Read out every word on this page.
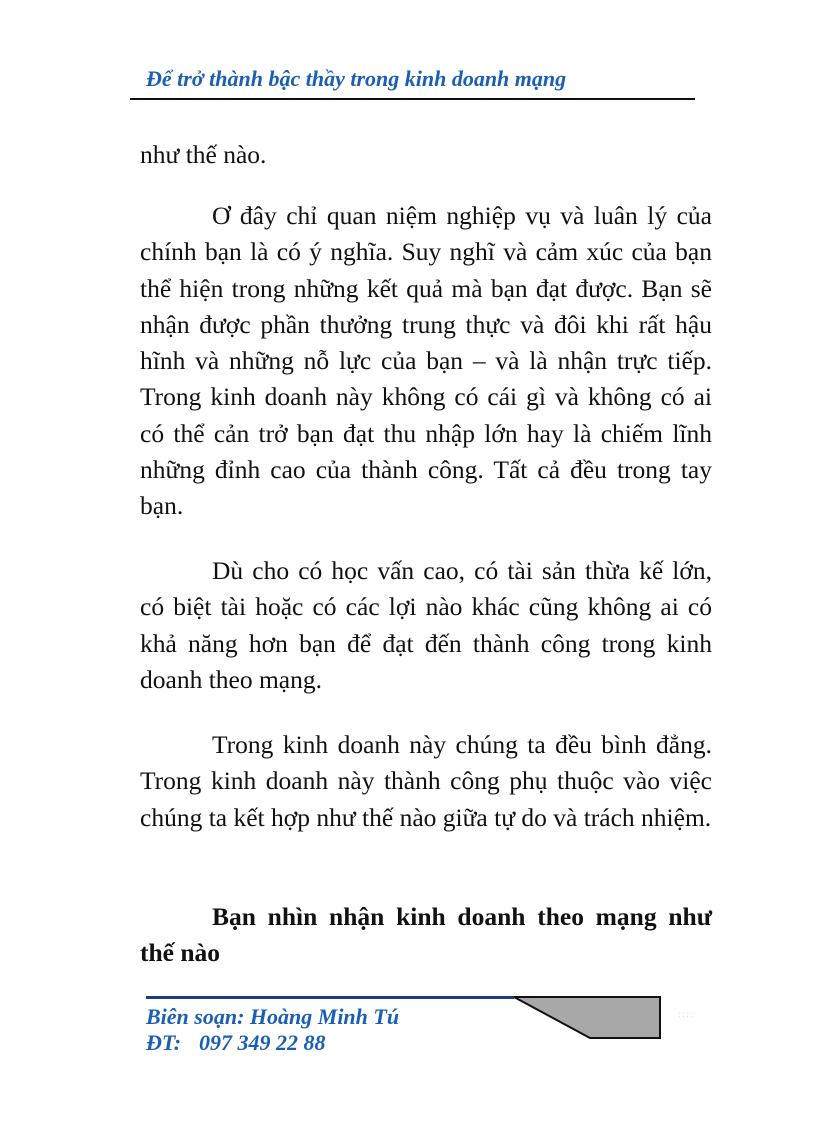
Để trở thành bậc thầy trong kinh doanh mạng

như thế nào.

Ơ đây chỉ quan niệm nghiệp vụ và luân lý của chính bạn là có ý nghĩa. Suy nghĩ và cảm xúc của bạn thể hiện trong những kết quả mà bạn đạt được. Bạn sẽ nhận được phần thưởng trung thực và đôi khi rất hậu hĩnh và những nỗ lực của bạn – và là nhận trực tiếp. Trong kinh doanh này không có cái gì và không có ai có thể cản trở bạn đạt thu nhập lớn hay là chiếm lĩnh những đỉnh cao của thành công. Tất cả đều trong tay bạn.

Dù cho có học vấn cao, có tài sản thừa kế lớn, có biệt tài hoặc có các lợi nào khác cũng không ai có khả năng hơn bạn để đạt đến thành công trong kinh doanh theo mạng.

Trong kinh doanh này chúng ta đều bình đẳng. Trong kinh doanh này thành công phụ thuộc vào việc chúng ta kết hợp như thế nào giữa tự do và trách nhiệm.

Bạn nhìn nhận kinh doanh theo mạng như thế nào

Biên soạn: Hoàng Minh Tú
ĐT: 097 349 22 88
::::
